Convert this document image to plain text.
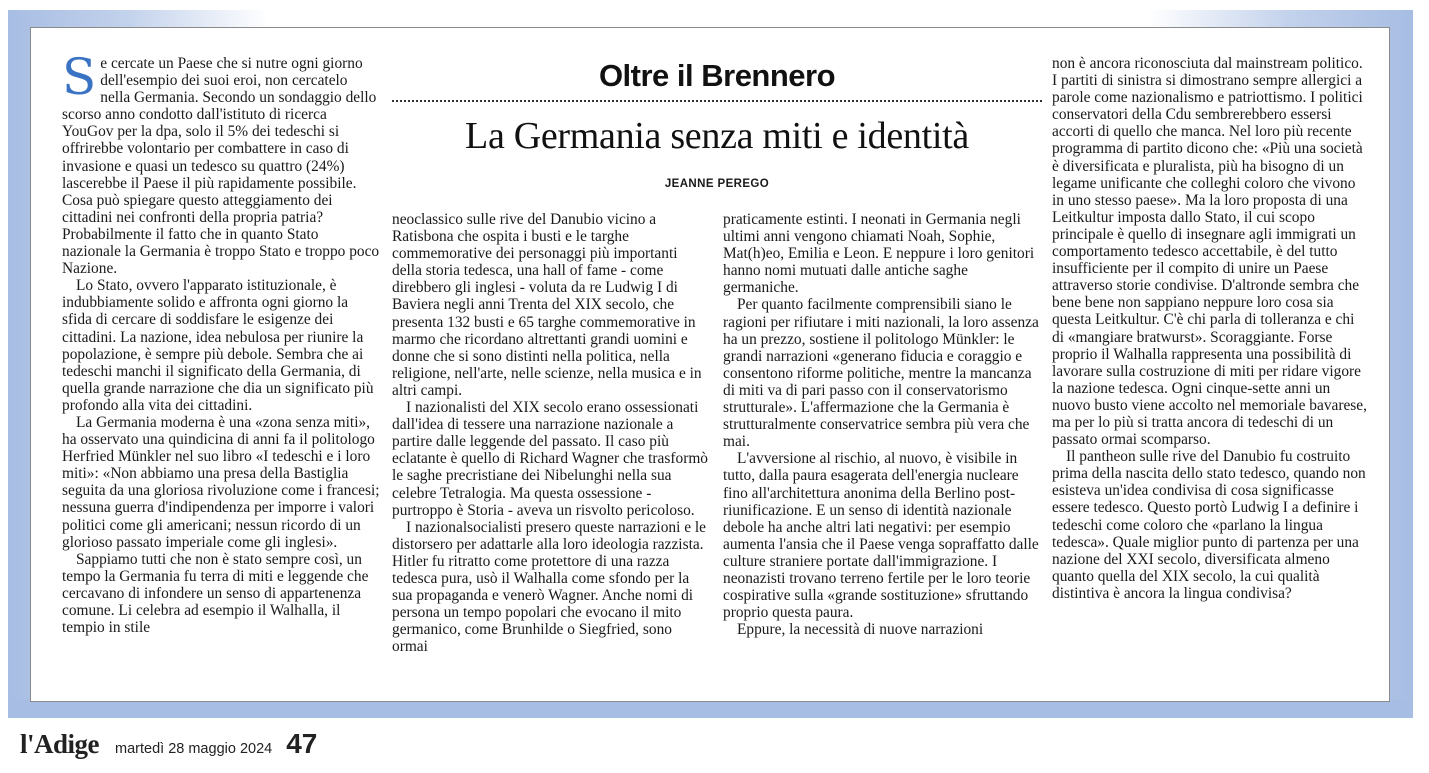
Oltre il Brennero
La Germania senza miti e identità
JEANNE PEREGO

Se cercate un Paese che si nutre ogni giorno dell'esempio dei suoi eroi, non cercatelo nella Germania. Secondo un sondaggio dello scorso anno condotto dall'istituto di ricerca YouGov per la dpa, solo il 5% dei tedeschi si offrirebbe volontario per combattere in caso di invasione e quasi un tedesco su quattro (24%) lascerebbe il Paese il più rapidamente possibile. Cosa può spiegare questo atteggiamento dei cittadini nei confronti della propria patria? Probabilmente il fatto che in quanto Stato nazionale la Germania è troppo Stato e troppo poco Nazione.

Lo Stato, ovvero l'apparato istituzionale, è indubbiamente solido e affronta ogni giorno la sfida di cercare di soddisfare le esigenze dei cittadini. La nazione, idea nebulosa per riunire la popolazione, è sempre più debole. Sembra che ai tedeschi manchi il significato della Germania, di quella grande narrazione che dia un significato più profondo alla vita dei cittadini.

La Germania moderna è una «zona senza miti», ha osservato una quindicina di anni fa il politologo Herfried Münkler nel suo libro «I tedeschi e i loro miti»: «Non abbiamo una presa della Bastiglia seguita da una gloriosa rivoluzione come i francesi; nessuna guerra d'indipendenza per imporre i valori politici come gli americani; nessun ricordo di un glorioso passato imperiale come gli inglesi».

Sappiamo tutti che non è stato sempre così, un tempo la Germania fu terra di miti e leggende che cercavano di infondere un senso di appartenenza comune. Li celebra ad esempio il Walhalla, il tempio in stile

neoclassico sulle rive del Danubio vicino a Ratisbona che ospita i busti e le targhe commemorative dei personaggi più importanti della storia tedesca, una hall of fame - come direbbero gli inglesi - voluta da re Ludwig I di Baviera negli anni Trenta del XIX secolo, che presenta 132 busti e 65 targhe commemorative in marmo che ricordano altrettanti grandi uomini e donne che si sono distinti nella politica, nella religione, nell'arte, nelle scienze, nella musica e in altri campi.

I nazionalisti del XIX secolo erano ossessionati dall'idea di tessere una narrazione nazionale a partire dalle leggende del passato. Il caso più eclatante è quello di Richard Wagner che trasformò le saghe precristiane dei Nibelunghi nella sua celebre Tetralogia. Ma questa ossessione - purtroppo è Storia - aveva un risvolto pericoloso.

I nazionalsocialisti presero queste narrazioni e le distorsero per adattarle alla loro ideologia razzista. Hitler fu ritratto come protettore di una razza tedesca pura, usò il Walhalla come sfondo per la sua propaganda e venerò Wagner. Anche nomi di persona un tempo popolari che evocano il mito germanico, come Brunhilde o Siegfried, sono ormai

praticamente estinti. I neonati in Germania negli ultimi anni vengono chiamati Noah, Sophie, Mat(h)eo, Emilia e Leon. E neppure i loro genitori hanno nomi mutuati dalle antiche saghe germaniche.

Per quanto facilmente comprensibili siano le ragioni per rifiutare i miti nazionali, la loro assenza ha un prezzo, sostiene il politologo Münkler: le grandi narrazioni «generano fiducia e coraggio e consentono riforme politiche, mentre la mancanza di miti va di pari passo con il conservatorismo strutturale». L'affermazione che la Germania è strutturalmente conservatrice sembra più vera che mai.

L'avversione al rischio, al nuovo, è visibile in tutto, dalla paura esagerata dell'energia nucleare fino all'architettura anonima della Berlino post-riunificazione. E un senso di identità nazionale debole ha anche altri lati negativi: per esempio aumenta l'ansia che il Paese venga sopraffatto dalle culture straniere portate dall'immigrazione. I neonazisti trovano terreno fertile per le loro teorie cospirative sulla «grande sostituzione» sfruttando proprio questa paura.

Eppure, la necessità di nuove narrazioni

non è ancora riconosciuta dal mainstream politico. I partiti di sinistra si dimostrano sempre allergici a parole come nazionalismo e patriottismo. I politici conservatori della Cdu sembrerebbero essersi accorti di quello che manca. Nel loro più recente programma di partito dicono che: «Più una società è diversificata e pluralista, più ha bisogno di un legame unificante che colleghi coloro che vivono in uno stesso paese». Ma la loro proposta di una Leitkultur imposta dallo Stato, il cui scopo principale è quello di insegnare agli immigrati un comportamento tedesco accettabile, è del tutto insufficiente per il compito di unire un Paese attraverso storie condivise. D'altronde sembra che bene bene non sappiano neppure loro cosa sia questa Leitkultur. C'è chi parla di tolleranza e chi di «mangiare bratwurst». Scoraggiante. Forse proprio il Walhalla rappresenta una possibilità di lavorare sulla costruzione di miti per ridare vigore la nazione tedesca. Ogni cinque-sette anni un nuovo busto viene accolto nel memoriale bavarese, ma per lo più si tratta ancora di tedeschi di un passato ormai scomparso.

Il pantheon sulle rive del Danubio fu costruito prima della nascita dello stato tedesco, quando non esisteva un'idea condivisa di cosa significasse essere tedesco. Questo portò Ludwig I a definire i tedeschi come coloro che «parlano la lingua tedesca». Quale miglior punto di partenza per una nazione del XXI secolo, diversificata almeno quanto quella del XIX secolo, la cui qualità distintiva è ancora la lingua condivisa?

l'Adige martedì 28 maggio 2024 47
